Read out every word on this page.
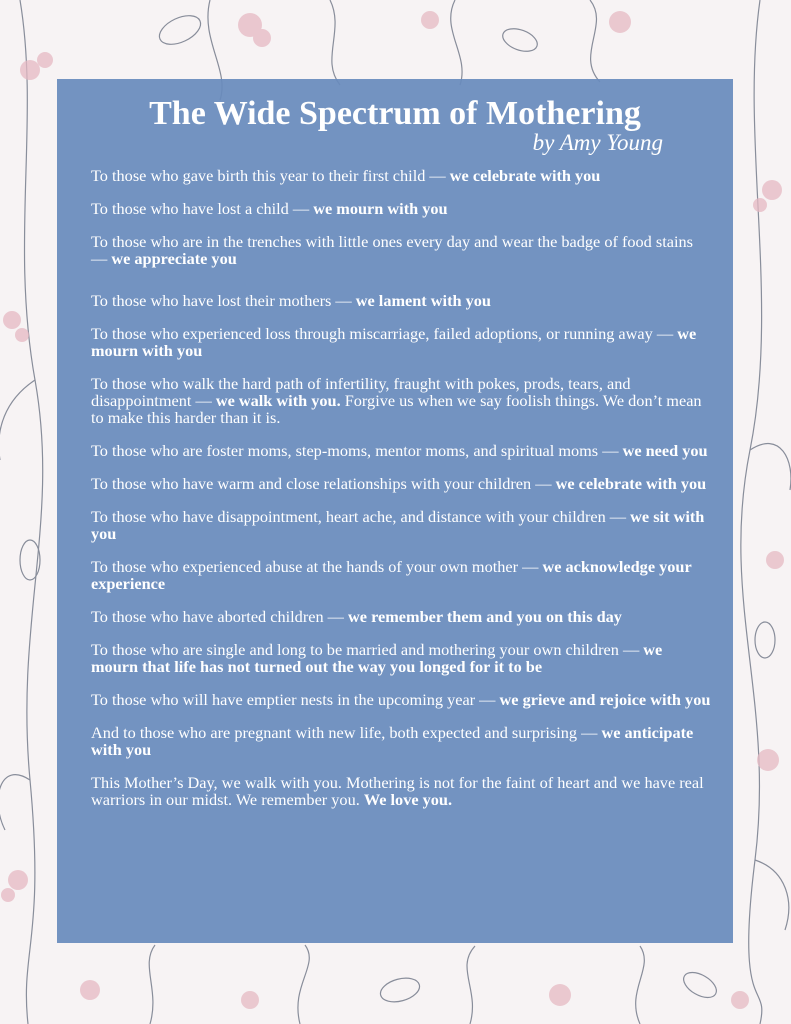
The Wide Spectrum of Mothering
by Amy Young

To those who gave birth this year to their first child — we celebrate with you

To those who have lost a child — we mourn with you

To those who are in the trenches with little ones every day and wear the badge of food stains — we appreciate you

To those who have lost their mothers — we lament with you

To those who experienced loss through miscarriage, failed adoptions, or running away — we mourn with you

To those who walk the hard path of infertility, fraught with pokes, prods, tears, and disappointment — we walk with you. Forgive us when we say foolish things. We don’t mean to make this harder than it is.

To those who are foster moms, step-moms, mentor moms, and spiritual moms — we need you

To those who have warm and close relationships with your children — we celebrate with you

To those who have disappointment, heart ache, and distance with your children — we sit with you

To those who experienced abuse at the hands of your own mother — we acknowledge your experience

To those who have aborted children — we remember them and you on this day

To those who are single and long to be married and mothering your own children — we mourn that life has not turned out the way you longed for it to be

To those who will have emptier nests in the upcoming year — we grieve and rejoice with you

And to those who are pregnant with new life, both expected and surprising — we anticipate with you

This Mother’s Day, we walk with you. Mothering is not for the faint of heart and we have real warriors in our midst. We remember you. We love you.
